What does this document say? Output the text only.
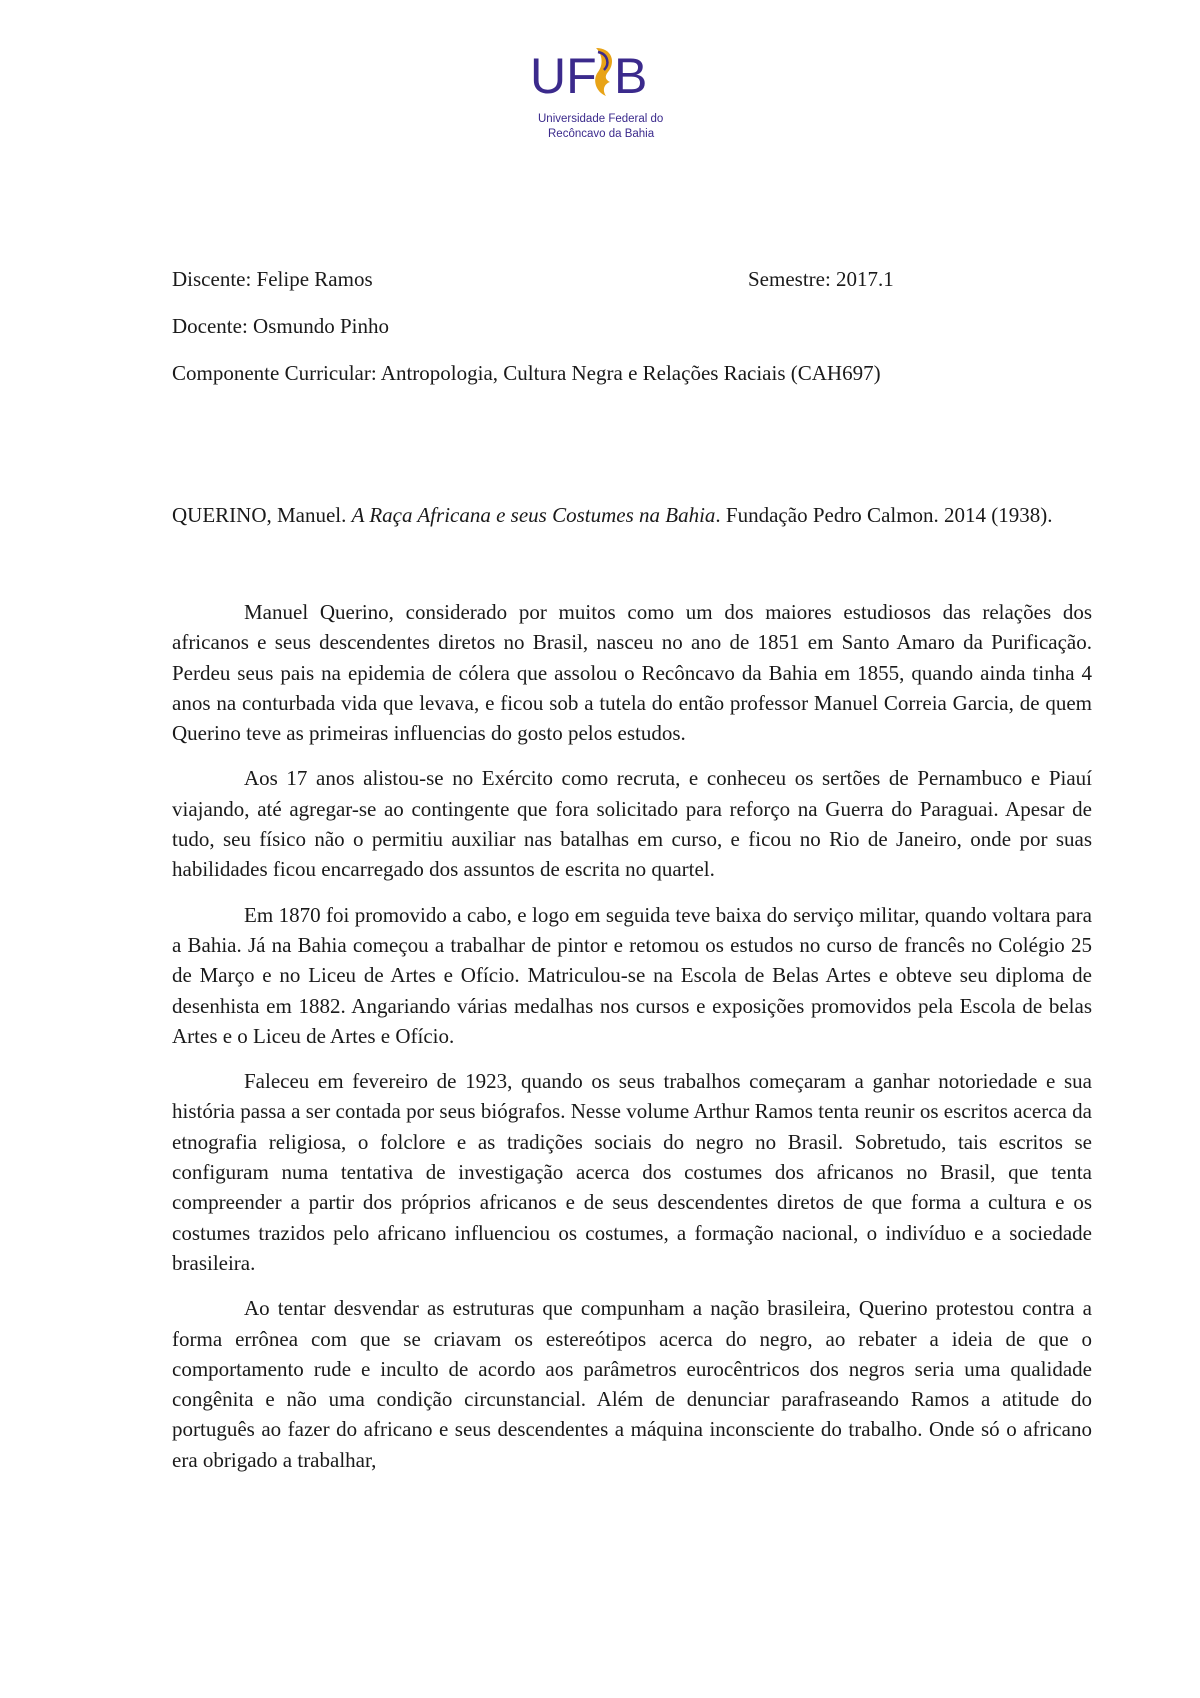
UF B
Universidade Federal do
Recôncavo da Bahia
Discente: Felipe Ramos	Semestre: 2017.1
Docente: Osmundo Pinho
Componente Curricular: Antropologia, Cultura Negra e Relações Raciais (CAH697)
QUERINO, Manuel. A Raça Africana e seus Costumes na Bahia. Fundação Pedro Calmon. 2014 (1938).

Manuel Querino, considerado por muitos como um dos maiores estudiosos das relações dos africanos e seus descendentes diretos no Brasil, nasceu no ano de 1851 em Santo Amaro da Purificação. Perdeu seus pais na epidemia de cólera que assolou o Recôncavo da Bahia em 1855, quando ainda tinha 4 anos na conturbada vida que levava, e ficou sob a tutela do então professor Manuel Correia Garcia, de quem Querino teve as primeiras influencias do gosto pelos estudos.

Aos 17 anos alistou-se no Exército como recruta, e conheceu os sertões de Pernambuco e Piauí viajando, até agregar-se ao contingente que fora solicitado para reforço na Guerra do Paraguai. Apesar de tudo, seu físico não o permitiu auxiliar nas batalhas em curso, e ficou no Rio de Janeiro, onde por suas habilidades ficou encarregado dos assuntos de escrita no quartel.

Em 1870 foi promovido a cabo, e logo em seguida teve baixa do serviço militar, quando voltara para a Bahia. Já na Bahia começou a trabalhar de pintor e retomou os estudos no curso de francês no Colégio 25 de Março e no Liceu de Artes e Ofício. Matriculou-se na Escola de Belas Artes e obteve seu diploma de desenhista em 1882. Angariando várias medalhas nos cursos e exposições promovidos pela Escola de belas Artes e o Liceu de Artes e Ofício.

Faleceu em fevereiro de 1923, quando os seus trabalhos começaram a ganhar notoriedade e sua história passa a ser contada por seus biógrafos. Nesse volume Arthur Ramos tenta reunir os escritos acerca da etnografia religiosa, o folclore e as tradições sociais do negro no Brasil. Sobretudo, tais escritos se configuram numa tentativa de investigação acerca dos costumes dos africanos no Brasil, que tenta compreender a partir dos próprios africanos e de seus descendentes diretos de que forma a cultura e os costumes trazidos pelo africano influenciou os costumes, a formação nacional, o indivíduo e a sociedade brasileira.

Ao tentar desvendar as estruturas que compunham a nação brasileira, Querino protestou contra a forma errônea com que se criavam os estereótipos acerca do negro, ao rebater a ideia de que o comportamento rude e inculto de acordo aos parâmetros eurocêntricos dos negros seria uma qualidade congênita e não uma condição circunstancial. Além de denunciar parafraseando Ramos a atitude do português ao fazer do africano e seus descendentes a máquina inconsciente do trabalho. Onde só o africano era obrigado a trabalhar,
